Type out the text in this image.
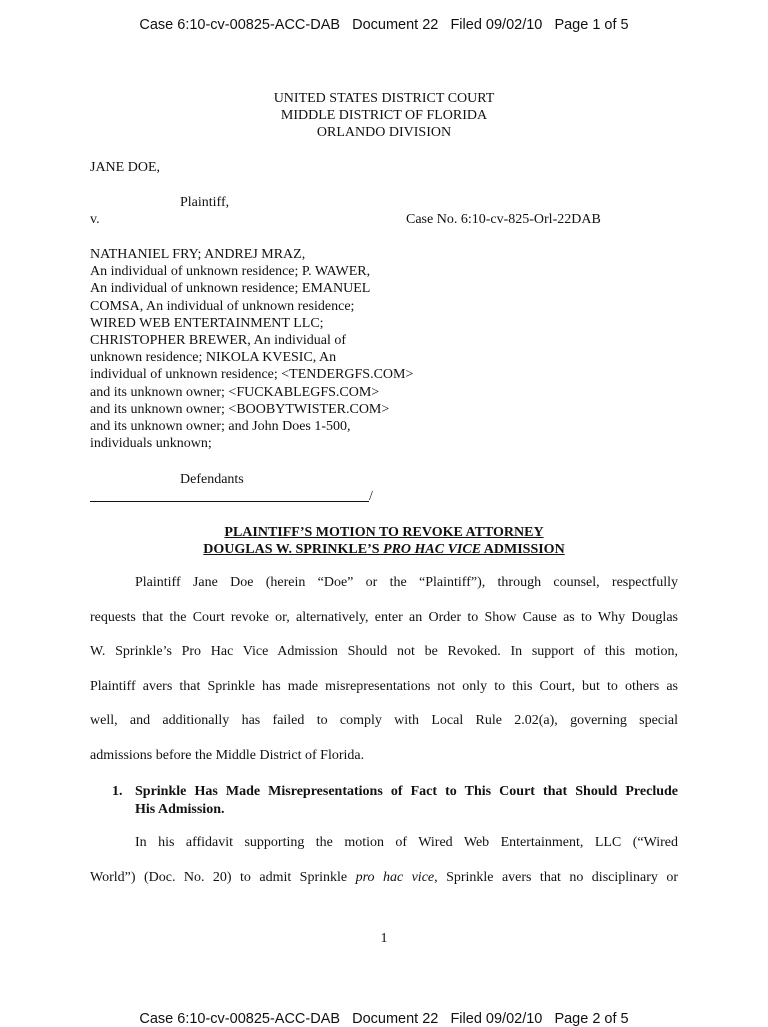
Case 6:10-cv-00825-ACC-DAB   Document 22   Filed 09/02/10   Page 1 of 5
UNITED STATES DISTRICT COURT
MIDDLE DISTRICT OF FLORIDA
ORLANDO DIVISION
JANE DOE,
Plaintiff,
v.	Case No. 6:10-cv-825-Orl-22DAB
NATHANIEL FRY; ANDREJ MRAZ,
An individual of unknown residence; P. WAWER,
An individual of unknown residence; EMANUEL
COMSA, An individual of unknown residence;
WIRED WEB ENTERTAINMENT LLC;
CHRISTOPHER BREWER, An individual of
unknown residence; NIKOLA KVESIC, An
individual of unknown residence; <TENDERGFS.COM>
and its unknown owner; <FUCKABLEGFS.COM>
and its unknown owner; <BOOBYTWISTER.COM>
and its unknown owner; and John Does 1-500,
individuals unknown;
Defendants
/
PLAINTIFF’S MOTION TO REVOKE ATTORNEY
DOUGLAS W. SPRINKLE’S PRO HAC VICE ADMISSION
Plaintiff Jane Doe (herein “Doe” or the “Plaintiff”), through counsel, respectfully
requests that the Court revoke or, alternatively, enter an Order to Show Cause as to Why Douglas
W. Sprinkle’s Pro Hac Vice Admission Should not be Revoked. In support of this motion,
Plaintiff avers that Sprinkle has made misrepresentations not only to this Court, but to others as
well, and additionally has failed to comply with Local Rule 2.02(a), governing special
admissions before the Middle District of Florida.
1. Sprinkle Has Made Misrepresentations of Fact to This Court that Should Preclude
His Admission.
In his affidavit supporting the motion of Wired Web Entertainment, LLC (“Wired
World”) (Doc. No. 20) to admit Sprinkle pro hac vice, Sprinkle avers that no disciplinary or
1
Case 6:10-cv-00825-ACC-DAB   Document 22   Filed 09/02/10   Page 2 of 5
